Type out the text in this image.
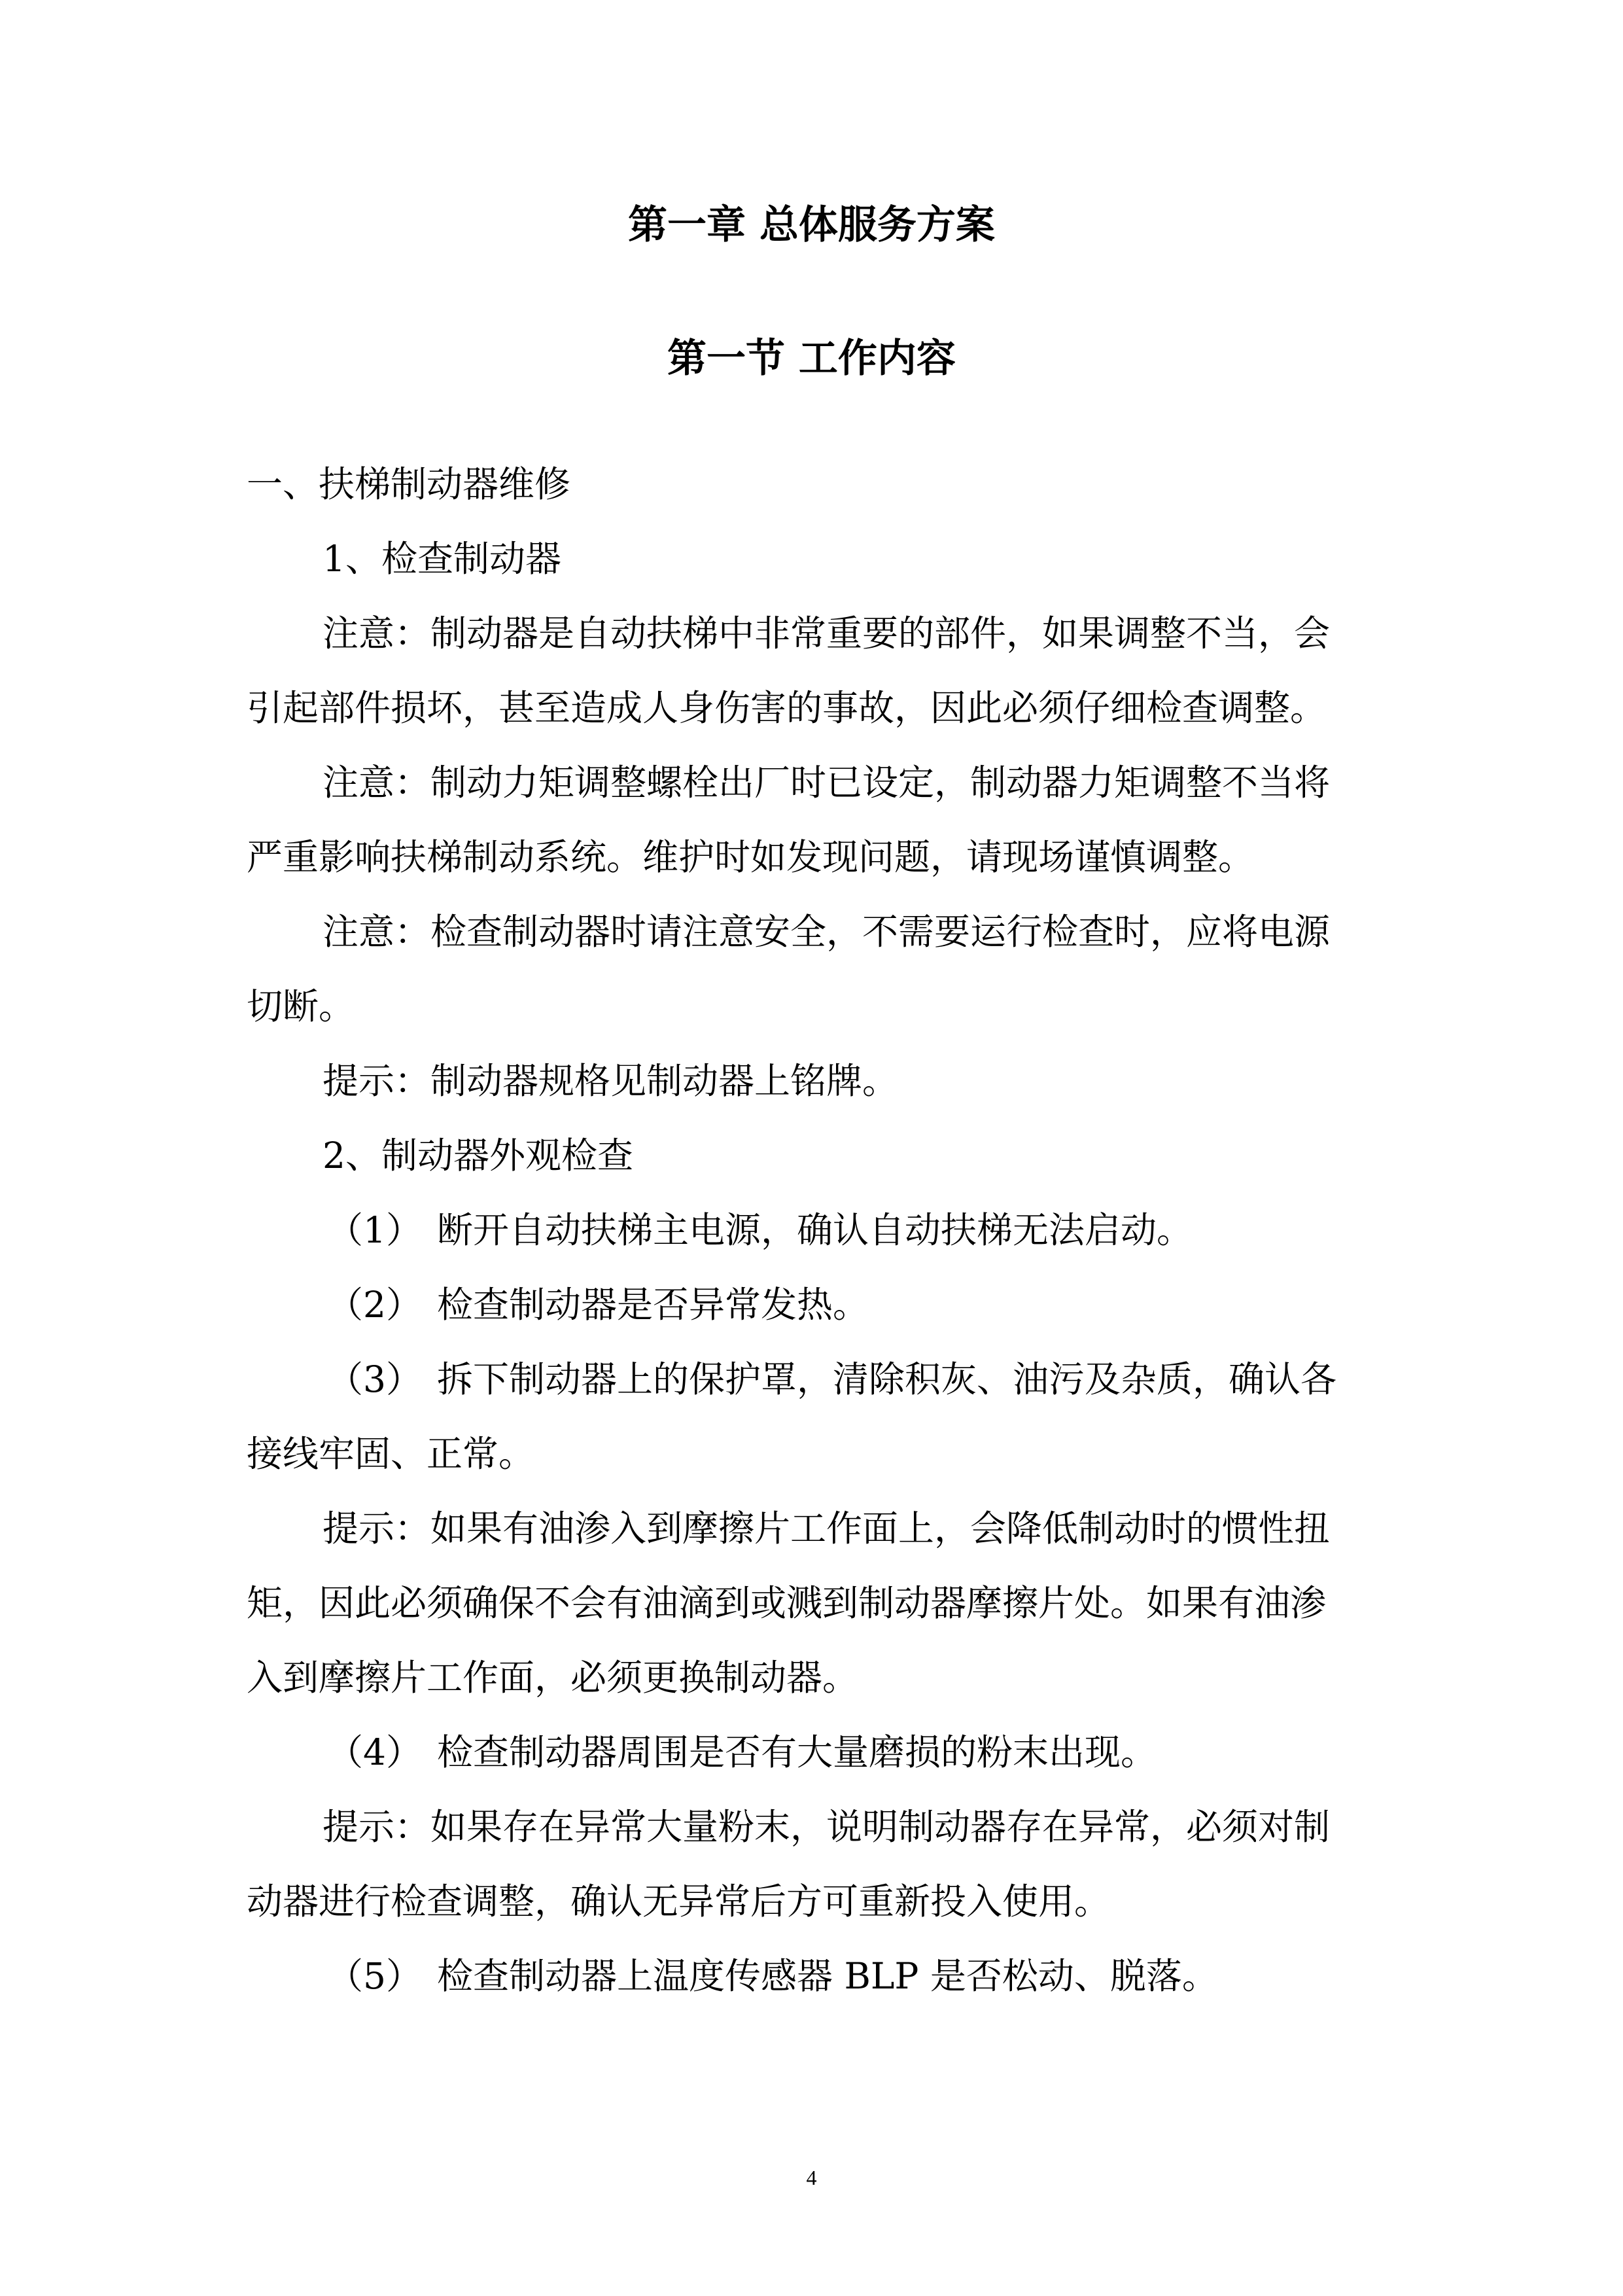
第一章 总体服务方案
第一节 工作内容
一、扶梯制动器维修
1、检查制动器
注意：制动器是自动扶梯中非常重要的部件，如果调整不当，会
引起部件损坏，甚至造成人身伤害的事故，因此必须仔细检查调整。
注意：制动力矩调整螺栓出厂时已设定，制动器力矩调整不当将
严重影响扶梯制动系统。维护时如发现问题，请现场谨慎调整。
注意：检查制动器时请注意安全，不需要运行检查时，应将电源
切断。
提示：制动器规格见制动器上铭牌。
2、制动器外观检查
（1） 断开自动扶梯主电源，确认自动扶梯无法启动。
（2） 检查制动器是否异常发热。
（3） 拆下制动器上的保护罩，清除积灰、油污及杂质，确认各
接线牢固、正常。
提示：如果有油渗入到摩擦片工作面上，会降低制动时的惯性扭
矩，因此必须确保不会有油滴到或溅到制动器摩擦片处。如果有油渗
入到摩擦片工作面，必须更换制动器。
（4） 检查制动器周围是否有大量磨损的粉末出现。
提示：如果存在异常大量粉末，说明制动器存在异常，必须对制
动器进行检查调整，确认无异常后方可重新投入使用。
（5） 检查制动器上温度传感器 BLP 是否松动、脱落。
4
